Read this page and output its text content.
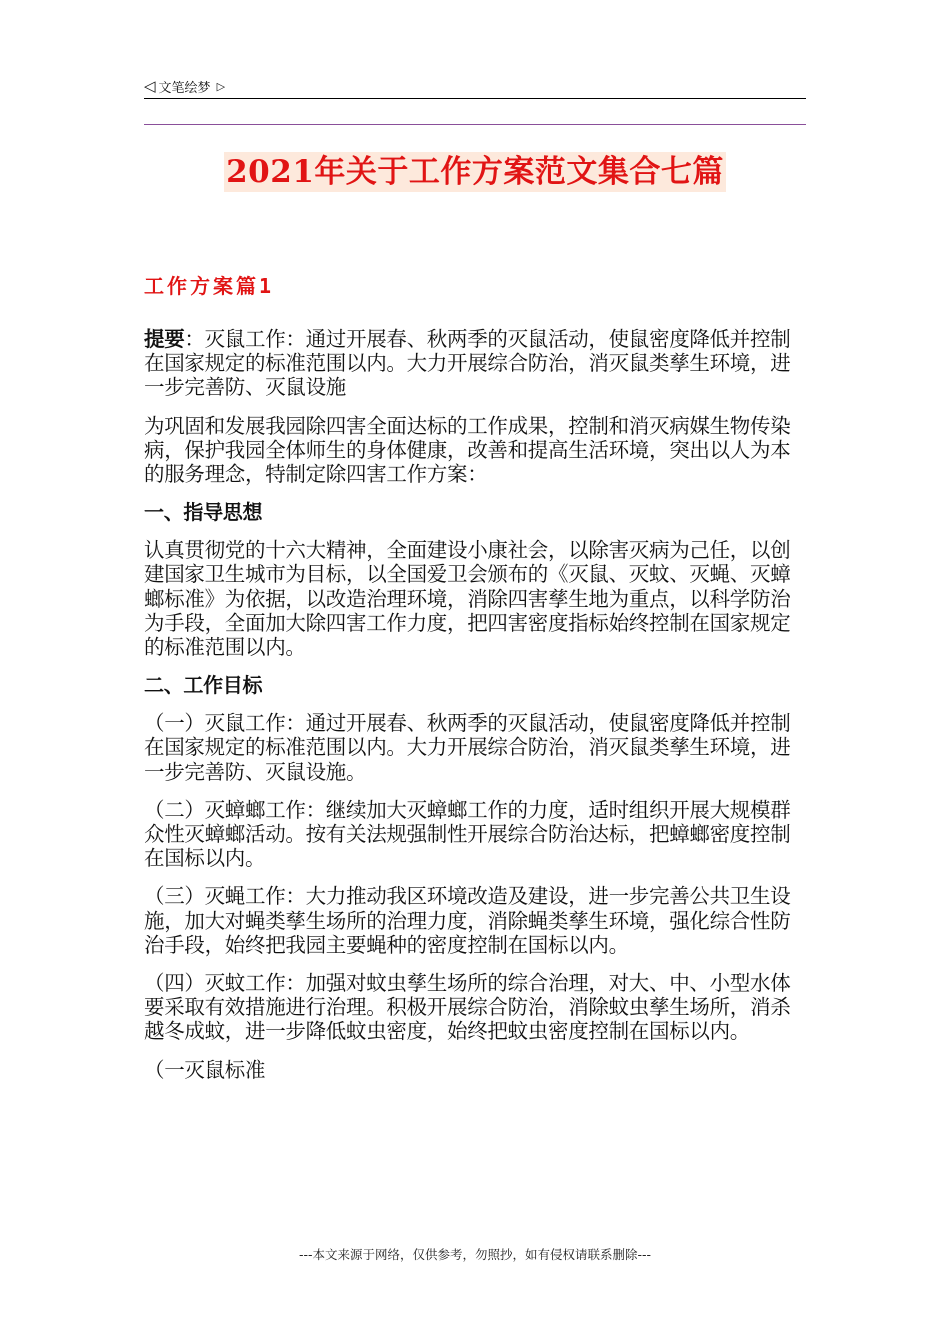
◁ 文笔绘梦 ▷
2021年关于工作方案范文集合七篇
工作方案篇1

提要：灭鼠工作：通过开展春、秋两季的灭鼠活动，使鼠密度降低并控制在国家规定的标准范围以内。大力开展综合防治，消灭鼠类孳生环境，进一步完善防、灭鼠设施

为巩固和发展我园除四害全面达标的工作成果，控制和消灭病媒生物传染病，保护我园全体师生的身体健康，改善和提高生活环境，突出以人为本的服务理念，特制定除四害工作方案：

一、指导思想

认真贯彻党的十六大精神，全面建设小康社会，以除害灭病为己任，以创建国家卫生城市为目标，以全国爱卫会颁布的《灭鼠、灭蚊、灭蝇、灭蟑螂标准》为依据，以改造治理环境，消除四害孳生地为重点，以科学防治为手段，全面加大除四害工作力度，把四害密度指标始终控制在国家规定的标准范围以内。

二、工作目标

（一）灭鼠工作：通过开展春、秋两季的灭鼠活动，使鼠密度降低并控制在国家规定的标准范围以内。大力开展综合防治，消灭鼠类孳生环境，进一步完善防、灭鼠设施。

（二）灭蟑螂工作：继续加大灭蟑螂工作的力度，适时组织开展大规模群众性灭蟑螂活动。按有关法规强制性开展综合防治达标，把蟑螂密度控制在国标以内。

（三）灭蝇工作：大力推动我区环境改造及建设，进一步完善公共卫生设施，加大对蝇类孳生场所的治理力度，消除蝇类孳生环境，强化综合性防治手段，始终把我园主要蝇种的密度控制在国标以内。

（四）灭蚊工作：加强对蚊虫孳生场所的综合治理，对大、中、小型水体要采取有效措施进行治理。积极开展综合防治，消除蚊虫孳生场所，消杀越冬成蚊，进一步降低蚊虫密度，始终把蚊虫密度控制在国标以内。

（一灭鼠标准

---本文来源于网络，仅供参考，勿照抄，如有侵权请联系删除---
